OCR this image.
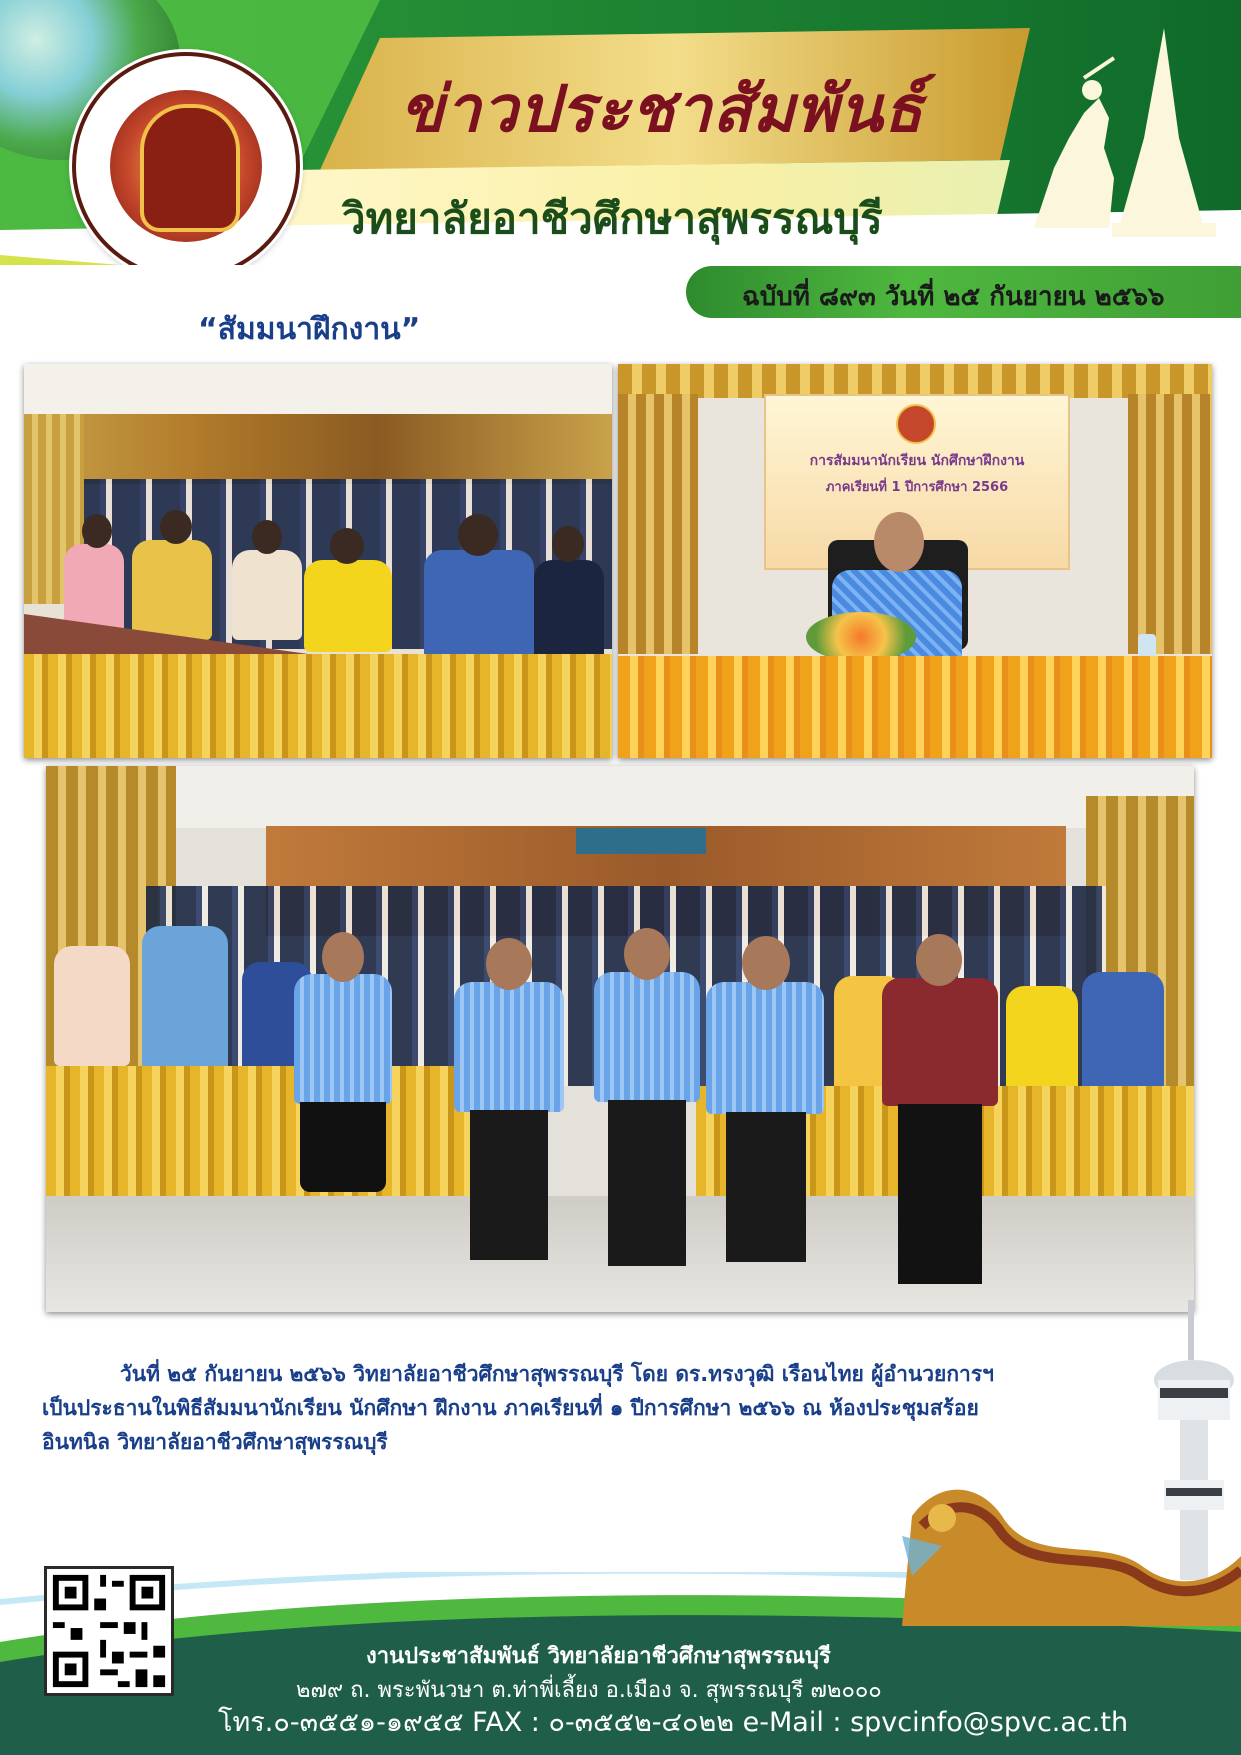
ข่าวประชาสัมพันธ์
วิทยาลัยอาชีวศึกษาสุพรรณบุรี
ฉบับที่ ๘๙๓ วันที่ ๒๕ กันยายน ๒๕๖๖
“สัมมนาฝึกงาน”
การสัมมนานักเรียน นักศึกษาฝึกงาน
ภาคเรียนที่ 1 ปีการศึกษา 2566
วันที่ ๒๕ กันยายน ๒๕๖๖ วิทยาลัยอาชีวศึกษาสุพรรณบุรี โดย ดร.ทรงวุฒิ เรือนไทย ผู้อำนวยการฯ
เป็นประธานในพิธีสัมมนานักเรียน นักศึกษา ฝึกงาน ภาคเรียนที่ ๑ ปีการศึกษา ๒๕๖๖ ณ ห้องประชุมสร้อย
อินทนิล วิทยาลัยอาชีวศึกษาสุพรรณบุรี
งานประชาสัมพันธ์ วิทยาลัยอาชีวศึกษาสุพรรณบุรี
๒๗๙ ถ. พระพันวษา ต.ท่าพี่เลี้ยง อ.เมือง จ. สุพรรณบุรี ๗๒๐๐๐
โทร.๐-๓๕๕๑-๑๙๕๕ FAX : ๐-๓๕๕๒-๔๐๒๒ e-Mail : spvcinfo@spvc.ac.th
